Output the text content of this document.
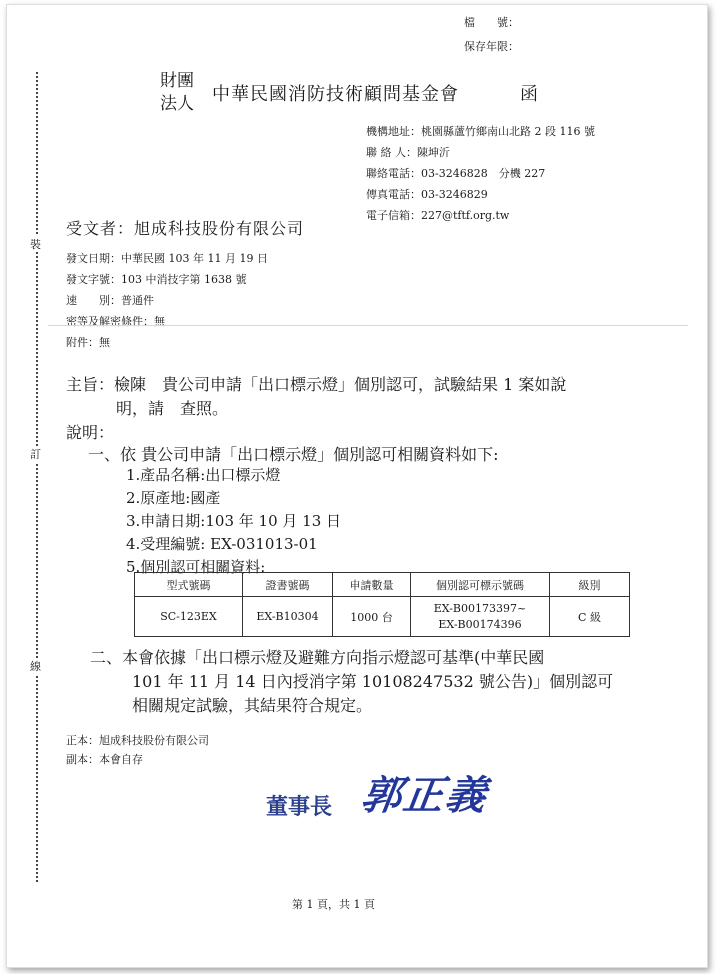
裝
訂
線
檔　　號：
保存年限：
財團
法人 中華民國消防技術顧問基金會	函
機構地址：桃園縣蘆竹鄉南山北路 2 段 116 號
聯 絡 人：陳坤沂
聯絡電話：03-3246828　分機 227
傳真電話：03-3246829
電子信箱：227@tftf.org.tw
受文者：旭成科技股份有限公司
發文日期：中華民國 103 年 11 月 19 日
發文字號：103 中消技字第 1638 號
速　　別：普通件
密等及解密條件：無
附件：無
主旨：檢陳　貴公司申請「出口標示燈」個別認可，試驗結果 1 案如說
明，請　查照。
說明：
一、依 貴公司申請「出口標示燈」個別認可相關資料如下:
1.產品名稱:出口標示燈
2.原產地:國產
3.申請日期:103 年 10 月 13 日
4.受理編號: EX-031013-01
5.個別認可相關資料:
型式號碼	證書號碼	申請數量	個別認可標示號碼	級別
SC-123EX	EX-B10304	1000 台	EX-B00173397~
EX-B00174396	C 級
二、本會依據「出口標示燈及避難方向指示燈認可基準(中華民國
101 年 11 月 14 日內授消字第 10108247532 號公告)」個別認可
相關規定試驗，其結果符合規定。
正本：旭成科技股份有限公司
副本：本會自存
董事長 郭正義
第 1 頁，共 1 頁
